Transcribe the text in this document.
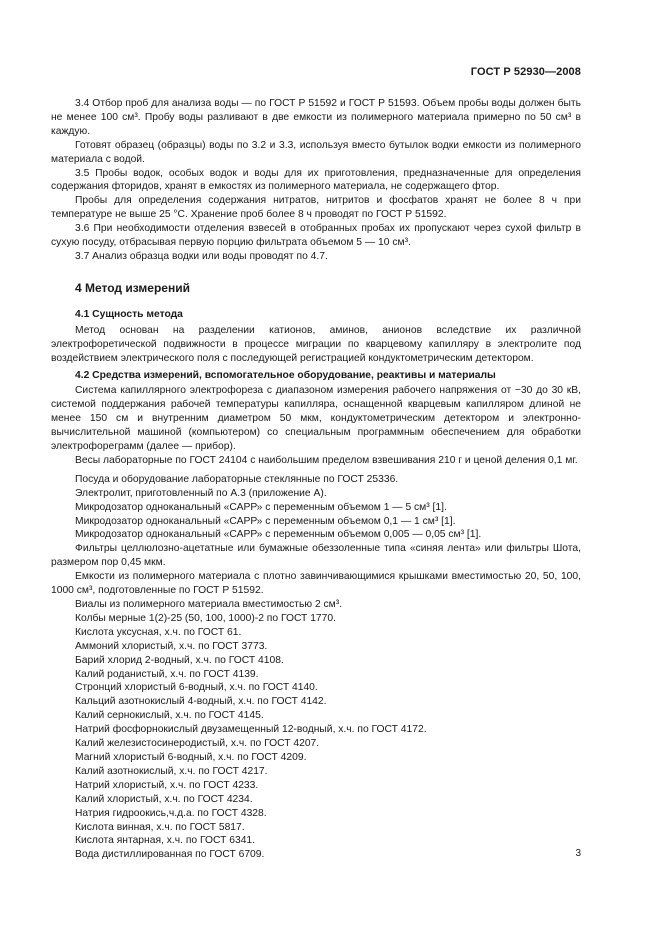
ГОСТ Р 52930—2008

3.4 Отбор проб для анализа воды — по ГОСТ Р 51592 и ГОСТ Р 51593. Объем пробы воды должен быть не менее 100 см³. Пробу воды разливают в две емкости из полимерного материала примерно по 50 см³ в каждую.

Готовят образец (образцы) воды по 3.2 и 3.3, используя вместо бутылок водки емкости из полимерного материала с водой.

3.5 Пробы водок, особых водок и воды для их приготовления, предназначенные для определения содержания фторидов, хранят в емкостях из полимерного материала, не содержащего фтор.

Пробы для определения содержания нитратов, нитритов и фосфатов хранят не более 8 ч при температуре не выше 25 °C. Хранение проб более 8 ч проводят по ГОСТ Р 51592.

3.6 При необходимости отделения взвесей в отобранных пробах их пропускают через сухой фильтр в сухую посуду, отбрасывая первую порцию фильтрата объемом 5 — 10 см³.

3.7 Анализ образца водки или воды проводят по 4.7.

4 Метод измерений

4.1 Сущность метода

Метод основан на разделении катионов, аминов, анионов вследствие их различной электрофоретической подвижности в процессе миграции по кварцевому капилляру в электролите под воздействием электрического поля с последующей регистрацией кондуктометрическим детектором.

4.2 Средства измерений, вспомогательное оборудование, реактивы и материалы

Система капиллярного электрофореза с диапазоном измерения рабочего напряжения от −30 до 30 кВ, системой поддержания рабочей температуры капилляра, оснащенной кварцевым капилляром длиной не менее 150 см и внутренним диаметром 50 мкм, кондуктометрическим детектором и электронно-вычислительной машиной (компьютером) со специальным программным обеспечением для обработки электрофореграмм (далее — прибор).

Весы лабораторные по ГОСТ 24104 с наибольшим пределом взвешивания 210 г и ценой деления 0,1 мг.

Посуда и оборудование лабораторные стеклянные по ГОСТ 25336.

Электролит, приготовленный по А.3 (приложение А).

Микродозатор одноканальный «САРР» с переменным объемом 1 — 5 см³ [1].

Микродозатор одноканальный «САРР» с переменным объемом 0,1 — 1 см³ [1].

Микродозатор одноканальный «САРР» с переменным объемом 0,005 — 0,05 см³ [1].

Фильтры целлюлозно-ацетатные или бумажные обеззоленные типа «синяя лента» или фильтры Шота, размером пор 0,45 мкм.

Емкости из полимерного материала с плотно завинчивающимися крышками вместимостью 20, 50, 100, 1000 см³, подготовленные по ГОСТ Р 51592.

Виалы из полимерного материала вместимостью 2 см³.

Колбы мерные 1(2)-25 (50, 100, 1000)-2 по ГОСТ 1770.

Кислота уксусная, х.ч. по ГОСТ 61.

Аммоний хлористый, х.ч. по ГОСТ 3773.

Барий хлорид 2-водный, х.ч. по ГОСТ 4108.

Калий роданистый, х.ч. по ГОСТ 4139.

Стронций хлористый 6-водный, х.ч. по ГОСТ 4140.

Кальций азотнокислый 4-водный, х.ч. по ГОСТ 4142.

Калий сернокислый, х.ч. по ГОСТ 4145.

Натрий фосфорнокислый двузамещенный 12-водный, х.ч. по ГОСТ 4172.

Калий железистосинеродистый, х.ч. по ГОСТ 4207.

Магний хлористый 6-водный, х.ч. по ГОСТ 4209.

Калий азотнокислый, х.ч. по ГОСТ 4217.

Натрий хлористый, х.ч. по ГОСТ 4233.

Калий хлористый, х.ч. по ГОСТ 4234.

Натрия гидроокись,ч.д.а. по ГОСТ 4328.

Кислота винная, х.ч. по ГОСТ 5817.

Кислота янтарная, х.ч. по ГОСТ 6341.

Вода дистиллированная по ГОСТ 6709.	3
